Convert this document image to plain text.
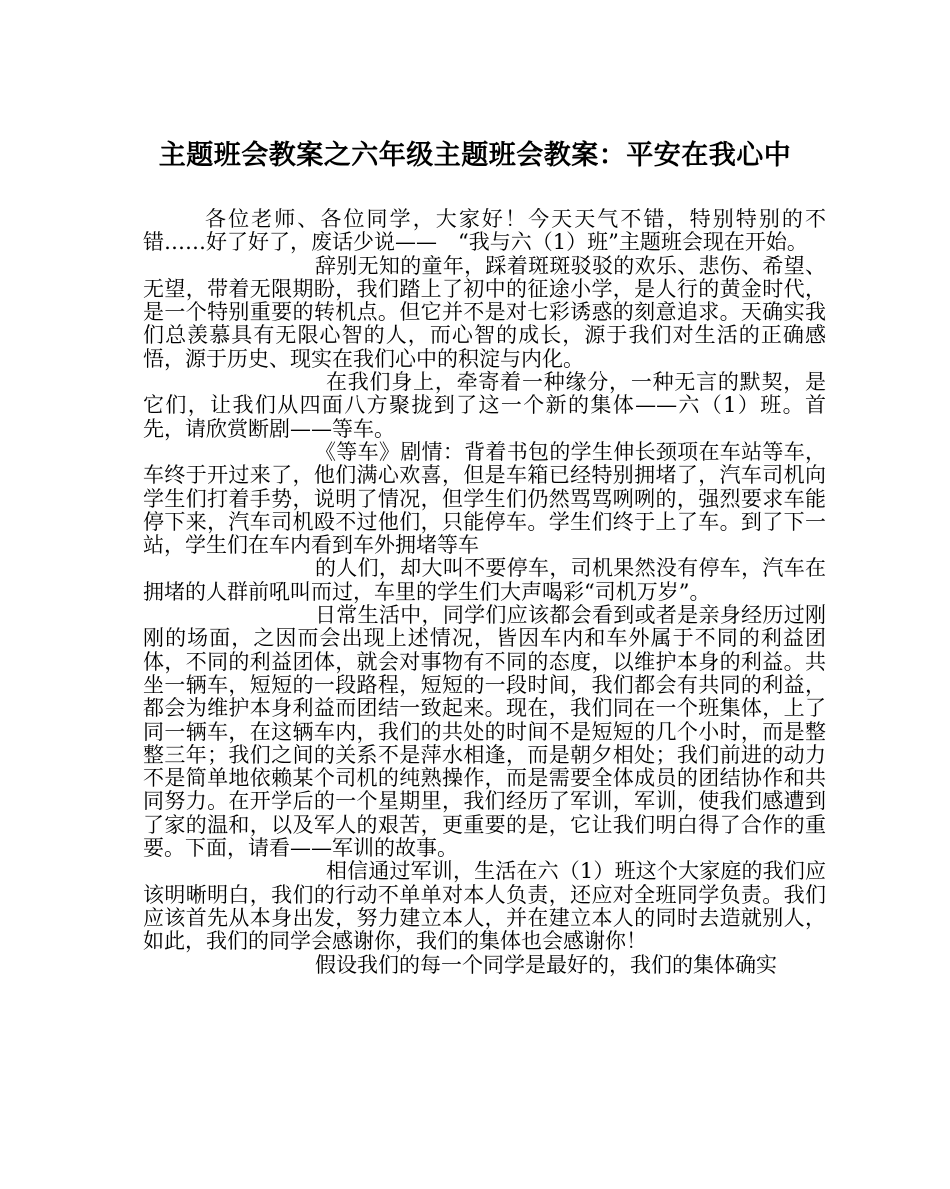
主题班会教案之六年级主题班会教案：平安在我心中

各位老师、各位同学，大家好！今天天气不错，特别特别的不错……好了好了，废话少说——　“我与六（1）班”主题班会现在开始。

辞别无知的童年，踩着斑斑驳驳的欢乐、悲伤、希望、无望，带着无限期盼，我们踏上了初中的征途小学，是人行的黄金时代，是一个特别重要的转机点。但它并不是对七彩诱惑的刻意追求。天确实我们总羡慕具有无限心智的人，而心智的成长，源于我们对生活的正确感悟，源于历史、现实在我们心中的积淀与内化。

在我们身上，牵寄着一种缘分，一种无言的默契，是它们，让我们从四面八方聚拢到了这一个新的集体——六（1）班。首先，请欣赏断剧——等车。

《等车》剧情：背着书包的学生伸长颈项在车站等车，车终于开过来了，他们满心欢喜，但是车箱已经特别拥堵了，汽车司机向学生们打着手势，说明了情况，但学生们仍然骂骂咧咧的，强烈要求车能停下来，汽车司机殴不过他们，只能停车。学生们终于上了车。到了下一站，学生们在车内看到车外拥堵等车

的人们，却大叫不要停车，司机果然没有停车，汽车在拥堵的人群前吼叫而过，车里的学生们大声喝彩“司机万岁”。

日常生活中，同学们应该都会看到或者是亲身经历过刚刚的场面，之因而会出现上述情况，皆因车内和车外属于不同的利益团体，不同的利益团体，就会对事物有不同的态度，以维护本身的利益。共坐一辆车，短短的一段路程，短短的一段时间，我们都会有共同的利益，都会为维护本身利益而团结一致起来。现在，我们同在一个班集体，上了同一辆车，在这辆车内，我们的共处的时间不是短短的几个小时，而是整整三年；我们之间的关系不是萍水相逢，而是朝夕相处；我们前进的动力不是简单地依赖某个司机的纯熟操作，而是需要全体成员的团结协作和共同努力。在开学后的一个星期里，我们经历了军训，军训，使我们感遭到了家的温和，以及军人的艰苦，更重要的是，它让我们明白得了合作的重要。下面，请看——军训的故事。

相信通过军训，生活在六（1）班这个大家庭的我们应该明晰明白，我们的行动不单单对本人负责，还应对全班同学负责。我们应该首先从本身出发，努力建立本人，并在建立本人的同时去造就别人，如此，我们的同学会感谢你，我们的集体也会感谢你！

假设我们的每一个同学是最好的，我们的集体确实
